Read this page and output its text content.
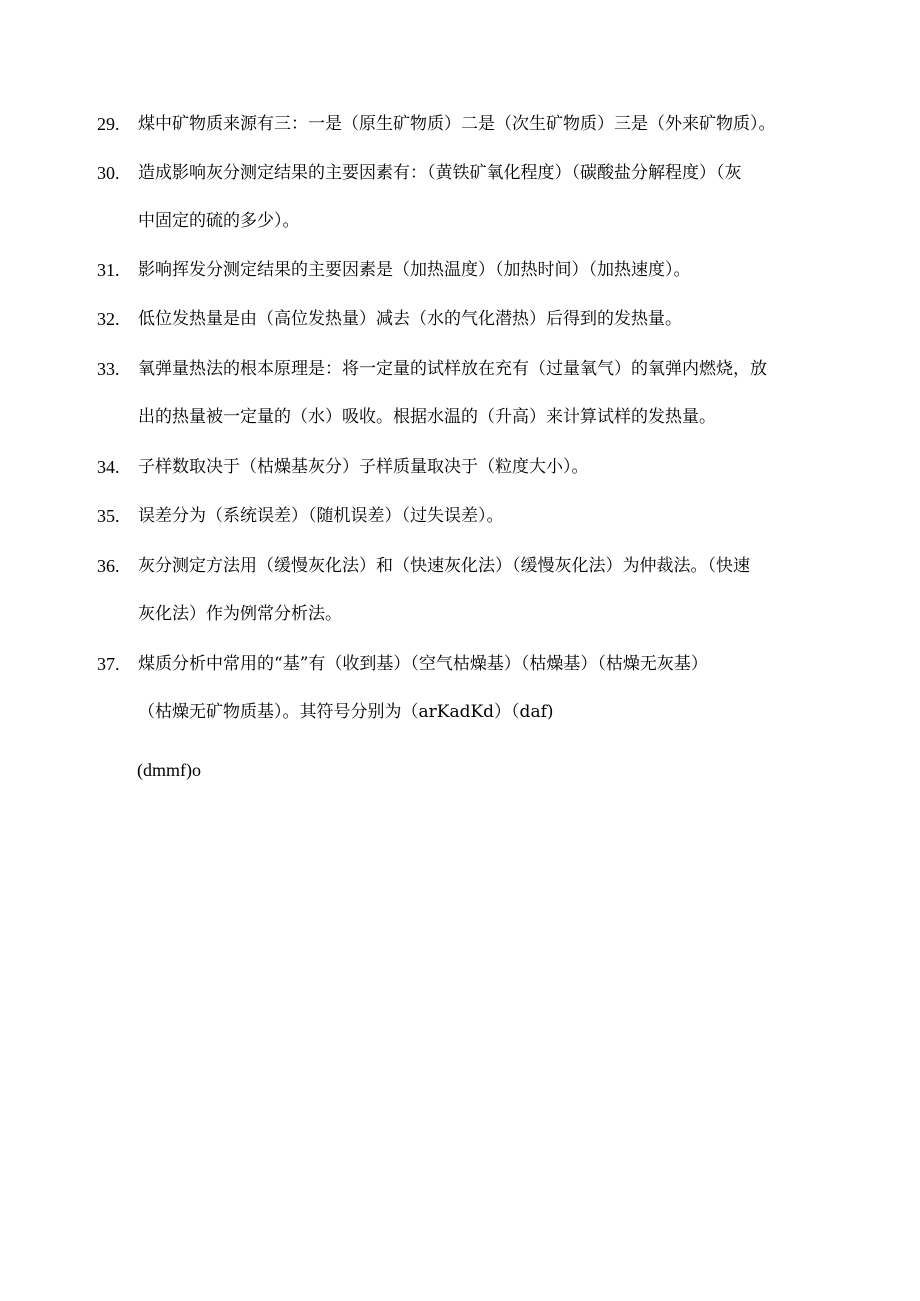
29.	煤中矿物质来源有三：一是（原生矿物质）二是（次生矿物质）三是（外来矿物质）。
30.	造成影响灰分测定结果的主要因素有：（黄铁矿氧化程度）（碳酸盐分解程度）（灰
中固定的硫的多少）。
31.	影响挥发分测定结果的主要因素是（加热温度）（加热时间）（加热速度）。
32.	低位发热量是由（高位发热量）减去（水的气化潜热）后得到的发热量。
33.	氧弹量热法的根本原理是：将一定量的试样放在充有（过量氧气）的氧弹内燃烧，放
出的热量被一定量的（水）吸收。根据水温的（升高）来计算试样的发热量。
34.	子样数取决于（枯燥基灰分）子样质量取决于（粒度大小）。
35.	误差分为（系统误差）（随机误差）（过失误差）。
36.	灰分测定方法用（缓慢灰化法）和（快速灰化法）（缓慢灰化法）为仲裁法。（快速
灰化法）作为例常分析法。
37.	煤质分析中常用的“基”有（收到基）（空气枯燥基）（枯燥基）（枯燥无灰基）
（枯燥无矿物质基）。其符号分别为（arKadKd）（daf)
(dmmf)o
